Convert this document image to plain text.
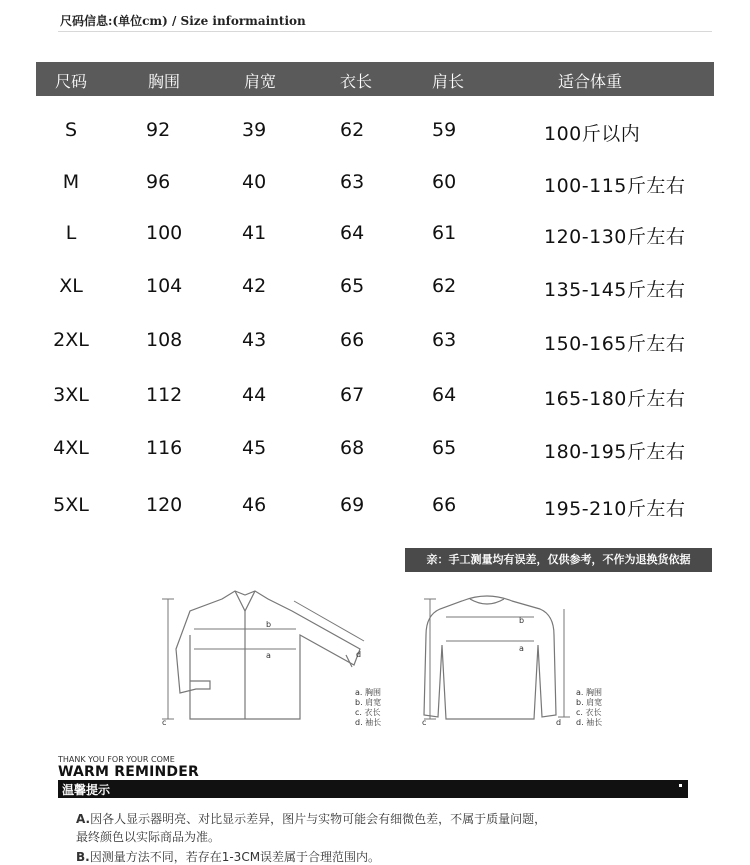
尺码信息:(单位cm) / Size informaintion
尺码	胸围	肩宽	衣长	肩长	适合体重
S	92	39	62	59	100斤以内
M	96	40	63	60	100-115斤左右
L	100	41	64	61	120-130斤左右
XL	104	42	65	62	135-145斤左右
2XL	108	43	66	63	150-165斤左右
3XL	112	44	67	64	165-180斤左右
4XL	116	45	68	65	180-195斤左右
5XL	120	46	69	66	195-210斤左右
亲：手工测量均有误差，仅供参考，不作为退换货依据
b
a
c
d
a. 胸围
b. 肩宽
c. 衣长
d. 袖长
b
a
c	d
a. 胸围
b. 肩宽
c. 衣长
d. 袖长
THANK YOU FOR YOUR COME
WARM REMINDER
温馨提示
A.因各人显示器明亮、对比显示差异，图片与实物可能会有细微色差，不属于质量问题，
最终颜色以实际商品为准。
B.因测量方法不同，若存在1-3CM误差属于合理范围内。
